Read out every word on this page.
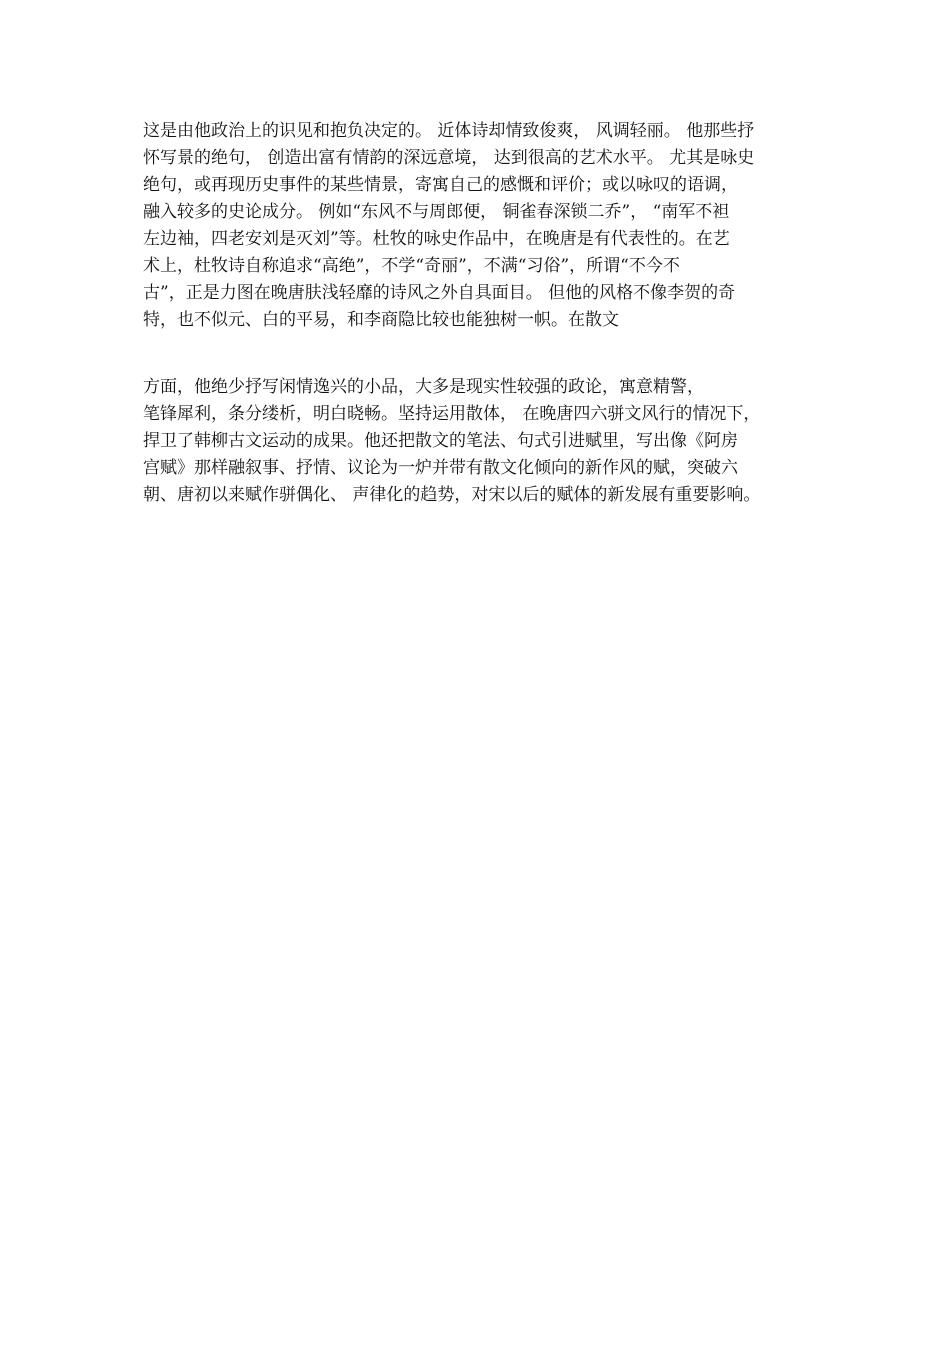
这是由他政治上的识见和抱负决定的。 近体诗却情致俊爽， 风调轻丽。 他那些抒
怀写景的绝句， 创造出富有情韵的深远意境， 达到很高的艺术水平。 尤其是咏史
绝句，或再现历史事件的某些情景，寄寓自己的感慨和评价；或以咏叹的语调，
融入较多的史论成分。 例如“东风不与周郎便， 铜雀春深锁二乔”， “南军不袒
左边袖，四老安刘是灭刘”等。杜牧的咏史作品中，在晚唐是有代表性的。在艺
术上，杜牧诗自称追求“高绝”，不学“奇丽”，不满“习俗”，所谓“不今不
古”，正是力图在晚唐肤浅轻靡的诗风之外自具面目。 但他的风格不像李贺的奇
特，也不似元、白的平易，和李商隐比较也能独树一帜。在散文
方面，他绝少抒写闲情逸兴的小品，大多是现实性较强的政论，寓意精警，
笔锋犀利，条分缕析，明白晓畅。坚持运用散体， 在晚唐四六骈文风行的情况下，
捍卫了韩柳古文运动的成果。他还把散文的笔法、句式引进赋里，写出像《阿房
宫赋》那样融叙事、抒情、议论为一炉并带有散文化倾向的新作风的赋，突破六
朝、唐初以来赋作骈偶化、 声律化的趋势，对宋以后的赋体的新发展有重要影响。
